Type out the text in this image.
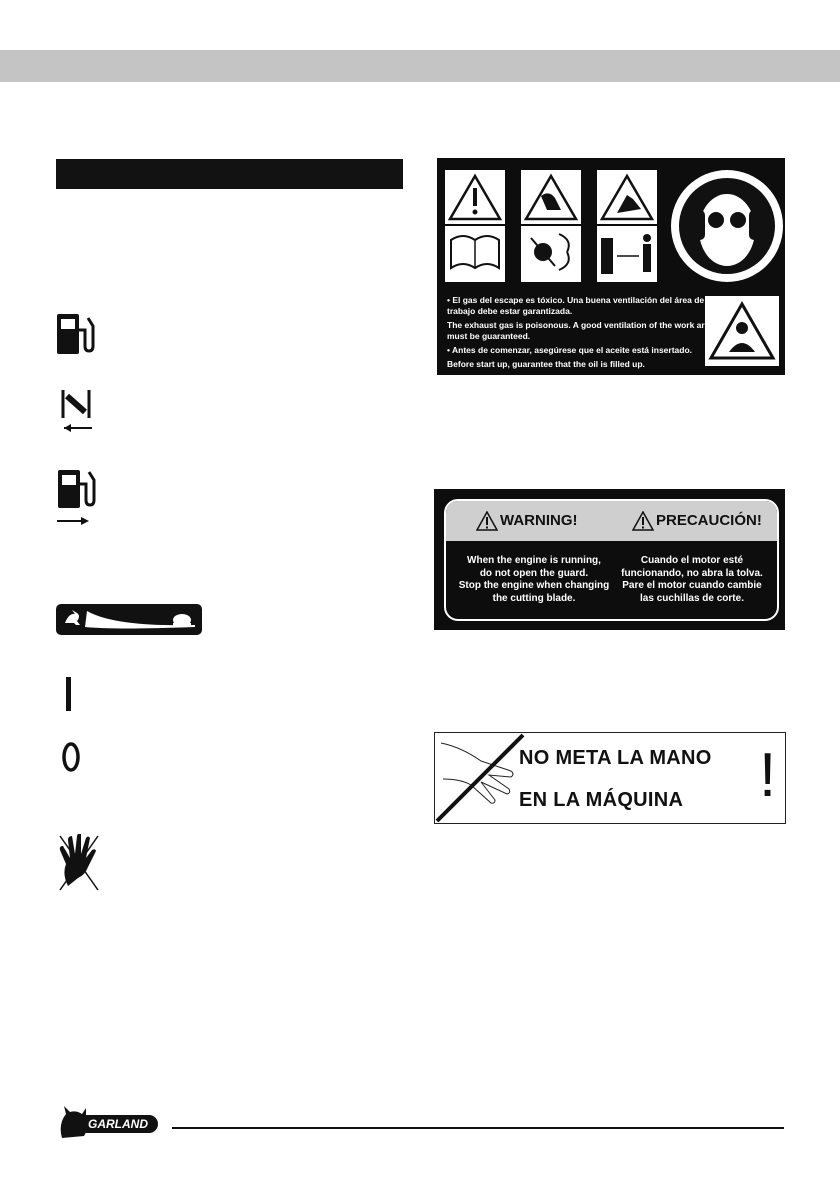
• El gas del escape es tóxico. Una buena ventilación del área de
trabajo debe estar garantizada.
The exhaust gas is poisonous. A good ventilation of the work area
must be guaranteed.
• Antes de comenzar, asegúrese que el aceite está insertado.
Before start up, guarantee that the oil is filled up.
WARNING!	PRECAUCIÓN!
When the engine is running,
do not open the guard.
Stop the engine when changing
the cutting blade.
Cuando el motor esté
funcionando, no abra la tolva.
Pare el motor cuando cambie
las cuchillas de corte.
NO META LA MANO
EN LA MÁQUINA !
GARLAND
